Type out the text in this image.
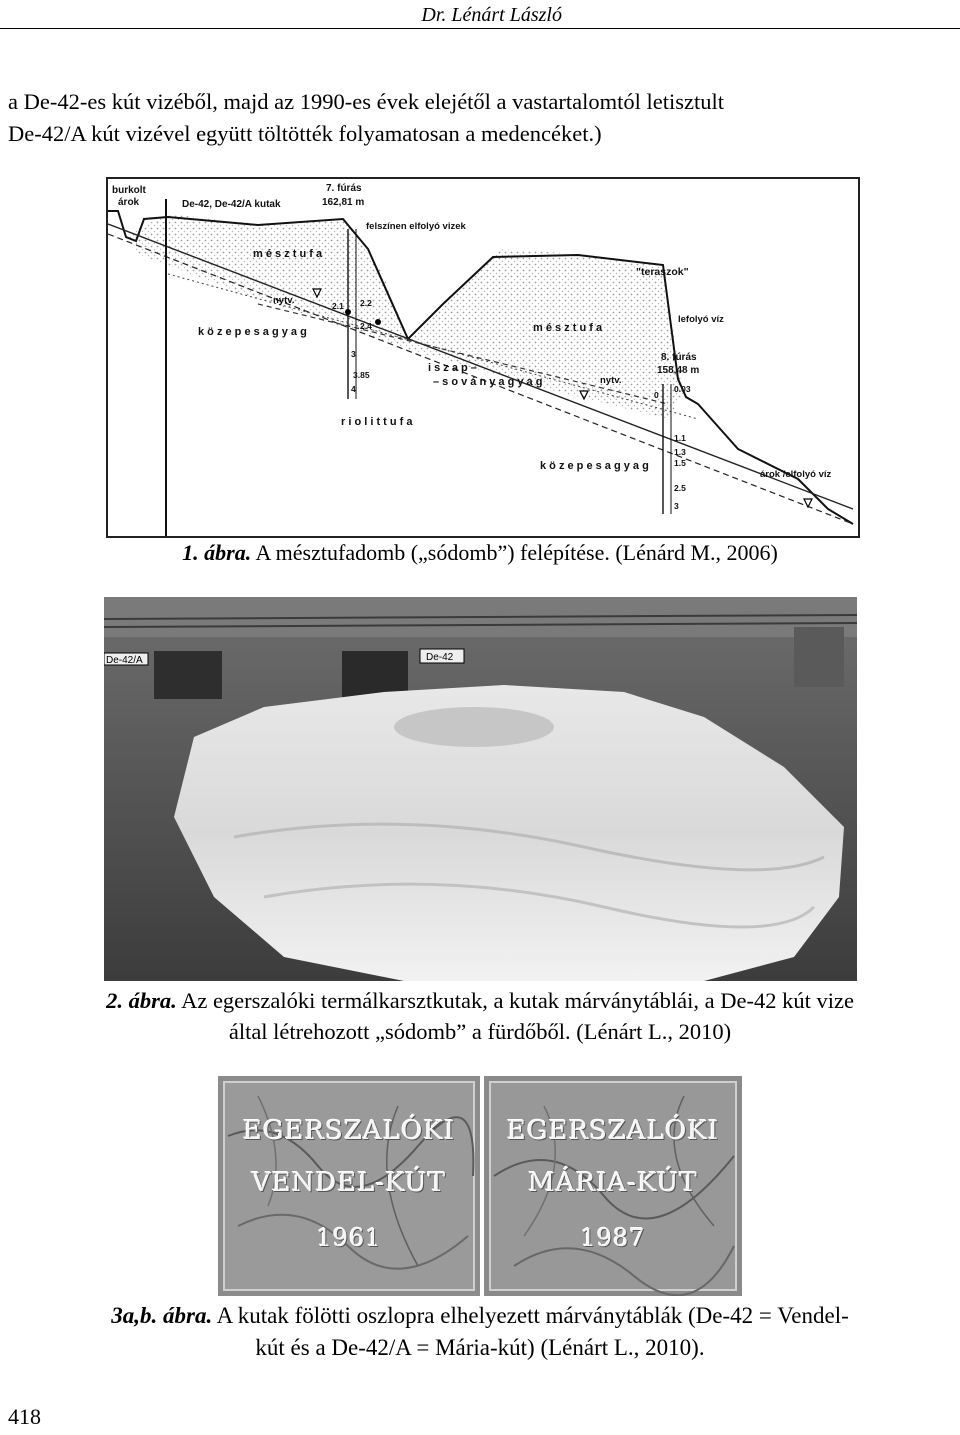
Dr. Lénárt László
a De-42-es kút vizéből, majd az 1990-es évek elejétől a vastartalomtól letisztult
De-42/A kút vizével együtt töltötték folyamatosan a medencéket.)
burkolt
árok	De-42, De-42/A kutak
7. fúrás
162,81 m
felszínen elfolyó vizek
m é s z t u f a
"teraszok"
nytv.
k ö z e p e s a g y a g	m é s z t u f a
lefolyó víz
i s z a p –
– s o v á n y a g y a g	nytv.
8. fúrás
158,48 m
r i o l i t t u f a
k ö z e p e s a g y a g
árok /elfolyó víz
2.1 2.2
2.4
3
3.85
4
0
0.03
1.1
1.3
1.5
2.5
3
1. ábra. A mésztufadomb („sódomb”) felépítése. (Lénárd M., 2006)
De-42/A	De-42
2. ábra. Az egerszalóki termálkarsztkutak, a kutak márványtáblái, a De-42 kút vize
által létrehozott „sódomb” a fürdőből. (Lénárt L., 2010)
EGERSZALÓKI
VENDEL-KÚT
1961
EGERSZALÓKI
MÁRIA-KÚT
1987
3a,b. ábra. A kutak fölötti oszlopra elhelyezett márványtáblák (De-42 = Vendel-
kút és a De-42/A = Mária-kút) (Lénárt L., 2010).
418
